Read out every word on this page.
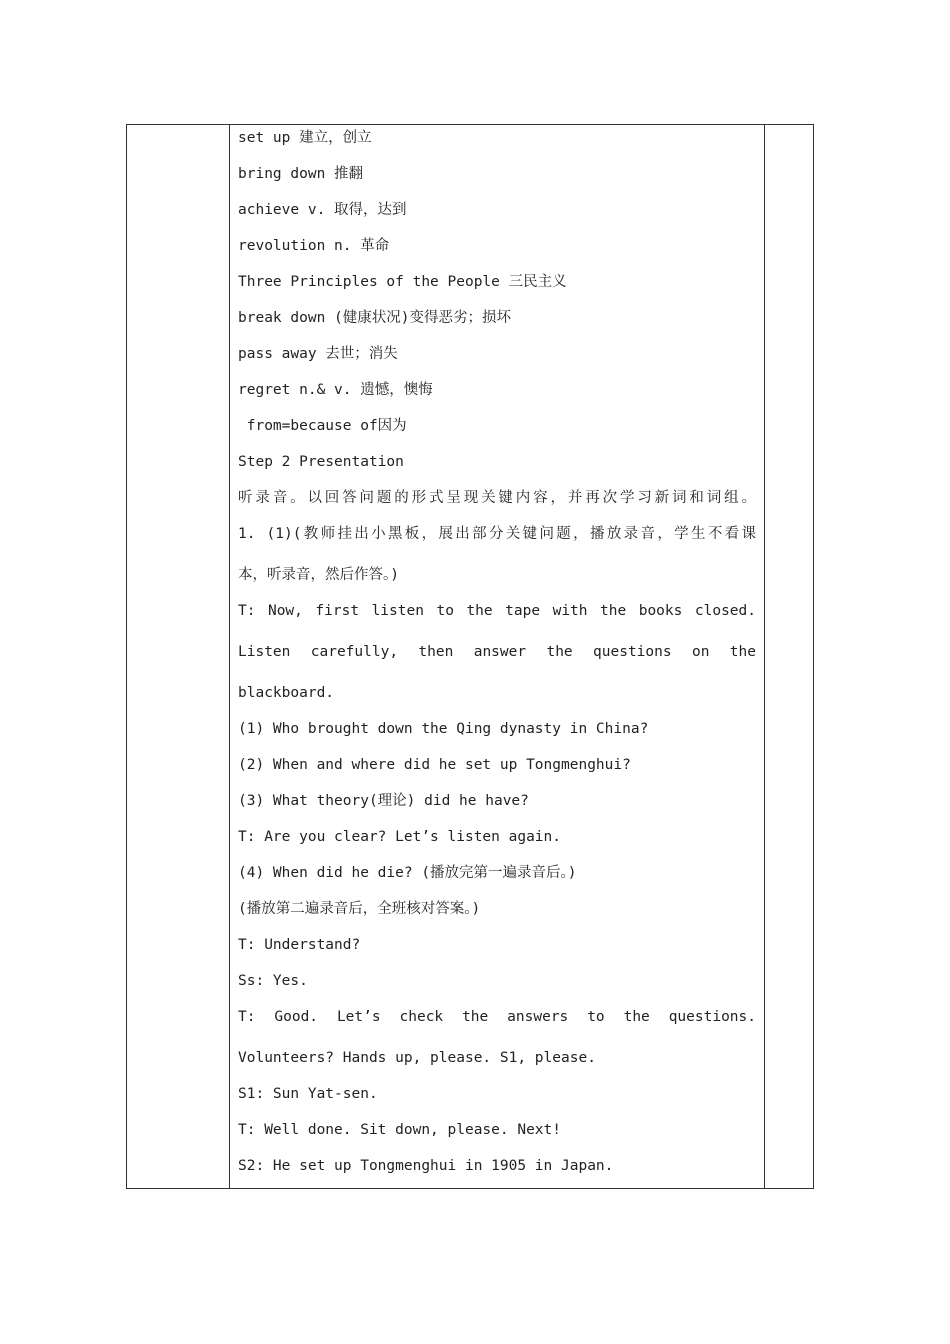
set up 建立，创立
bring down 推翻
achieve v. 取得，达到
revolution n. 革命
Three Principles of the People 三民主义
break down (健康状况)变得恶劣；损坏
pass away 去世；消失
regret n.& v. 遗憾，懊悔
from=because of因为
Step 2 Presentation
听录音。以回答问题的形式呈现关键内容，并再次学习新词和词组。
1. (1)(教师挂出小黑板，展出部分关键问题，播放录音，学生不看课
本，听录音，然后作答。)
T: Now, first listen to the tape with the books closed.
Listen carefully, then answer the questions on the
blackboard.
(1) Who brought down the Qing dynasty in China?
(2) When and where did he set up Tongmenghui?
(3) What theory(理论) did he have?
T: Are you clear? Let’s listen again.
(4) When did he die? (播放完第一遍录音后。)
(播放第二遍录音后，全班核对答案。)
T: Understand?
Ss: Yes.
T: Good. Let’s check the answers to the questions.
Volunteers? Hands up, please. S1, please.
S1: Sun Yat-sen.
T: Well done. Sit down, please. Next!
S2: He set up Tongmenghui in 1905 in Japan.
